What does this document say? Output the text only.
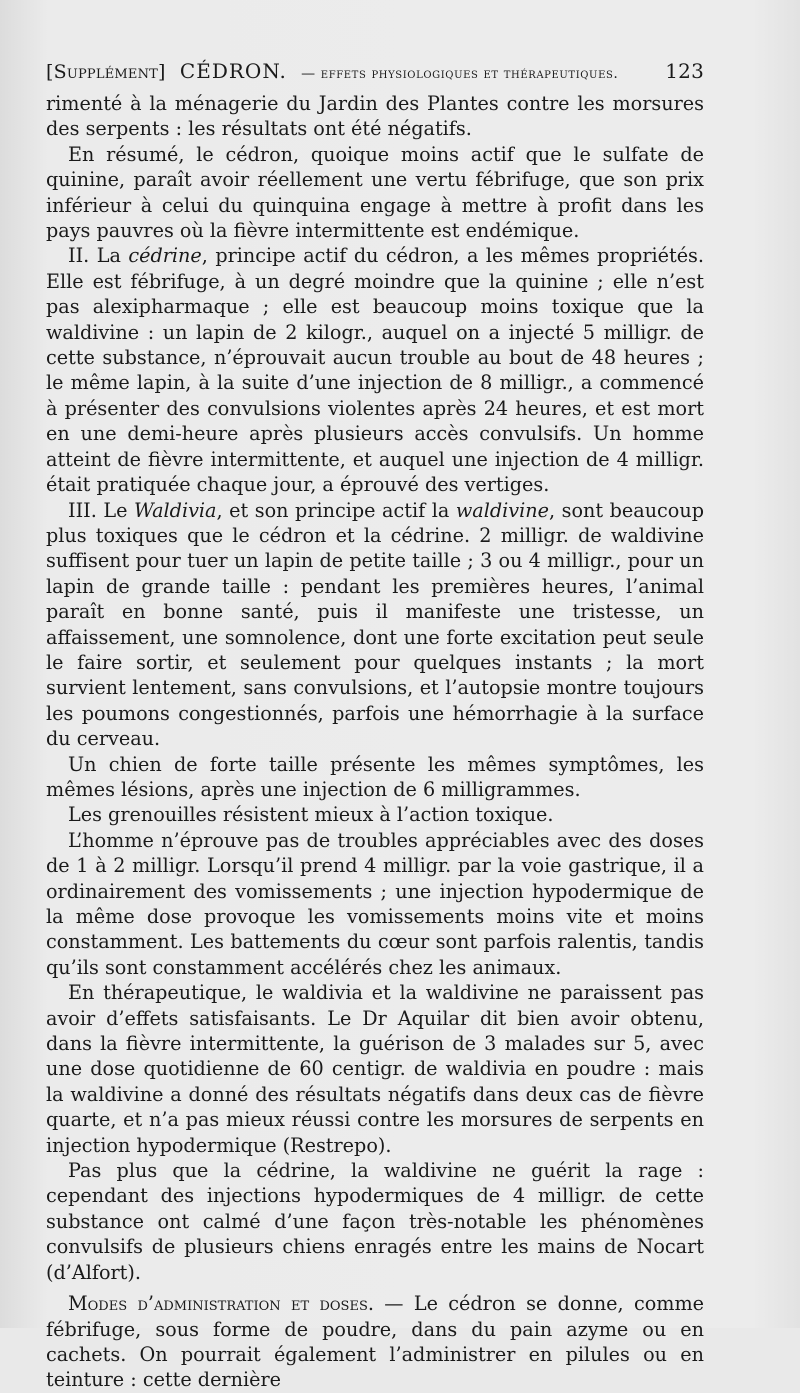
[Supplément] CÉDRON. — effets physiologiques et thérapeutiques. 123

rimenté à la ménagerie du Jardin des Plantes contre les morsures des serpents : les résultats ont été négatifs.

En résumé, le cédron, quoique moins actif que le sulfate de quinine, paraît avoir réellement une vertu fébrifuge, que son prix inférieur à celui du quinquina engage à mettre à profit dans les pays pauvres où la fièvre intermittente est endémique.

II. La cédrine, principe actif du cédron, a les mêmes propriétés. Elle est fébrifuge, à un degré moindre que la quinine ; elle n’est pas alexipharmaque ; elle est beaucoup moins toxique que la waldivine : un lapin de 2 kilogr., auquel on a injecté 5 milligr. de cette substance, n’éprouvait aucun trouble au bout de 48 heures ; le même lapin, à la suite d’une injection de 8 milligr., a commencé à présenter des convulsions violentes après 24 heures, et est mort en une demi-heure après plusieurs accès convulsifs. Un homme atteint de fièvre intermittente, et auquel une injection de 4 milligr. était pratiquée chaque jour, a éprouvé des vertiges.

III. Le Waldivia, et son principe actif la waldivine, sont beaucoup plus toxiques que le cédron et la cédrine. 2 milligr. de waldivine suffisent pour tuer un lapin de petite taille ; 3 ou 4 milligr., pour un lapin de grande taille : pendant les premières heures, l’animal paraît en bonne santé, puis il manifeste une tristesse, un affaissement, une somnolence, dont une forte excitation peut seule le faire sortir, et seulement pour quelques instants ; la mort survient lentement, sans convulsions, et l’autopsie montre toujours les poumons congestionnés, parfois une hémorrhagie à la surface du cerveau.

Un chien de forte taille présente les mêmes symptômes, les mêmes lésions, après une injection de 6 milligrammes.

Les grenouilles résistent mieux à l’action toxique.

L’homme n’éprouve pas de troubles appréciables avec des doses de 1 à 2 milligr. Lorsqu’il prend 4 milligr. par la voie gastrique, il a ordinairement des vomissements ; une injection hypodermique de la même dose provoque les vomissements moins vite et moins constamment. Les battements du cœur sont parfois ralentis, tandis qu’ils sont constamment accélérés chez les animaux.

En thérapeutique, le waldivia et la waldivine ne paraissent pas avoir d’effets satisfaisants. Le Dr Aquilar dit bien avoir obtenu, dans la fièvre intermittente, la guérison de 3 malades sur 5, avec une dose quotidienne de 60 centigr. de waldivia en poudre : mais la waldivine a donné des résultats négatifs dans deux cas de fièvre quarte, et n’a pas mieux réussi contre les morsures de serpents en injection hypodermique (Restrepo).

Pas plus que la cédrine, la waldivine ne guérit la rage : cependant des injections hypodermiques de 4 milligr. de cette substance ont calmé d’une façon très-notable les phénomènes convulsifs de plusieurs chiens enragés entre les mains de Nocart (d’Alfort).

Modes d’administration et doses. — Le cédron se donne, comme fébrifuge, sous forme de poudre, dans du pain azyme ou en cachets. On pourrait également l’administrer en pilules ou en teinture : cette dernière
